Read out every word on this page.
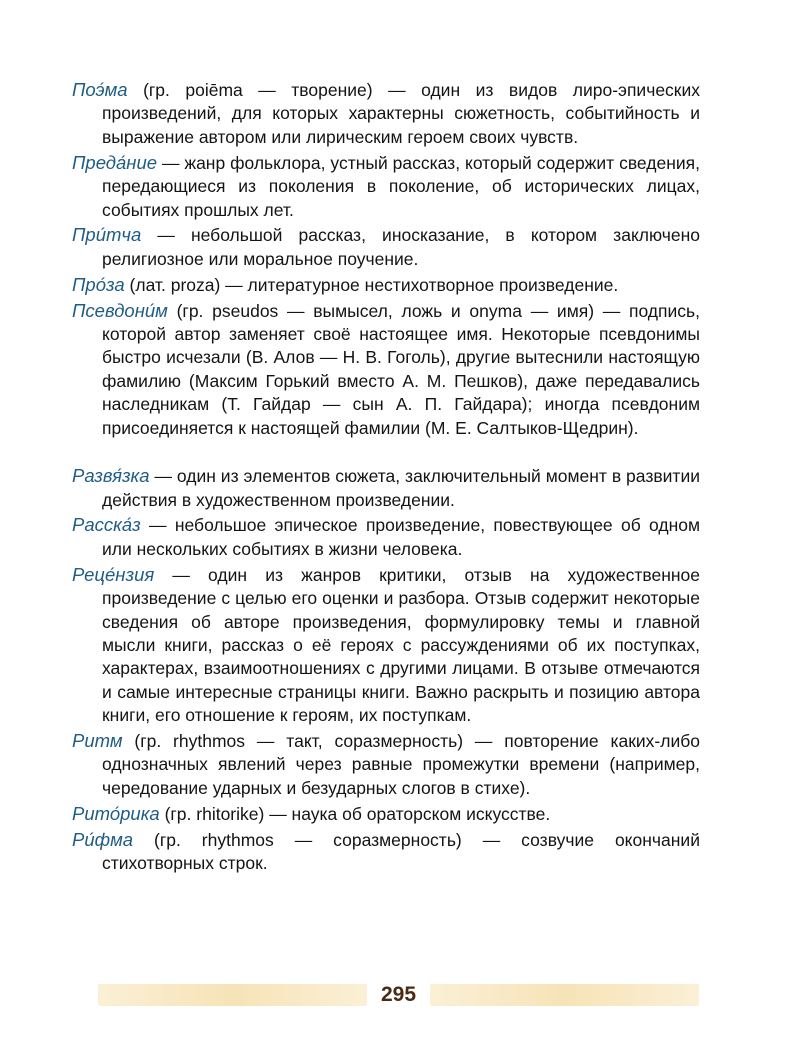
Поэ́ма (гр. poiēma — творение) — один из видов лиро-эпических произведений, для которых характерны сюжетность, событийность и выражение автором или лирическим героем своих чувств.

Преда́ние — жанр фольклора, устный рассказ, который содержит сведения, передающиеся из поколения в поколение, об исторических лицах, событиях прошлых лет.

При́тча — небольшой рассказ, иносказание, в котором заключено религиозное или моральное поучение.

Про́за (лат. proza) — литературное нестихотворное произведение.

Псевдони́м (гр. pseudos — вымысел, ложь и onyma — имя) — подпись, которой автор заменяет своё настоящее имя. Некоторые псевдонимы быстро исчезали (В. Алов — Н. В. Гоголь), другие вытеснили настоящую фамилию (Максим Горький вместо А. М. Пешков), даже передавались наследникам (Т. Гайдар — сын А. П. Гайдара); иногда псевдоним присоединяется к настоящей фамилии (М. Е. Салтыков-Щедрин).

Развя́зка — один из элементов сюжета, заключительный момент в развитии действия в художественном произведении.

Расска́з — небольшое эпическое произведение, повествующее об одном или нескольких событиях в жизни человека.

Реце́нзия — один из жанров критики, отзыв на художественное произведение с целью его оценки и разбора. Отзыв содержит некоторые сведения об авторе произведения, формулировку темы и главной мысли книги, рассказ о её героях с рассуждениями об их поступках, характерах, взаимоотношениях с другими лицами. В отзыве отмечаются и самые интересные страницы книги. Важно раскрыть и позицию автора книги, его отношение к героям, их поступкам.

Ритм (гр. rhythmos — такт, соразмерность) — повторение каких-либо однозначных явлений через равные промежутки времени (например, чередование ударных и безударных слогов в стихе).

Рито́рика (гр. rhitorike) — наука об ораторском искусстве.

Ри́фма (гр. rhythmos — соразмерность) — созвучие окончаний стихотворных строк.

295
